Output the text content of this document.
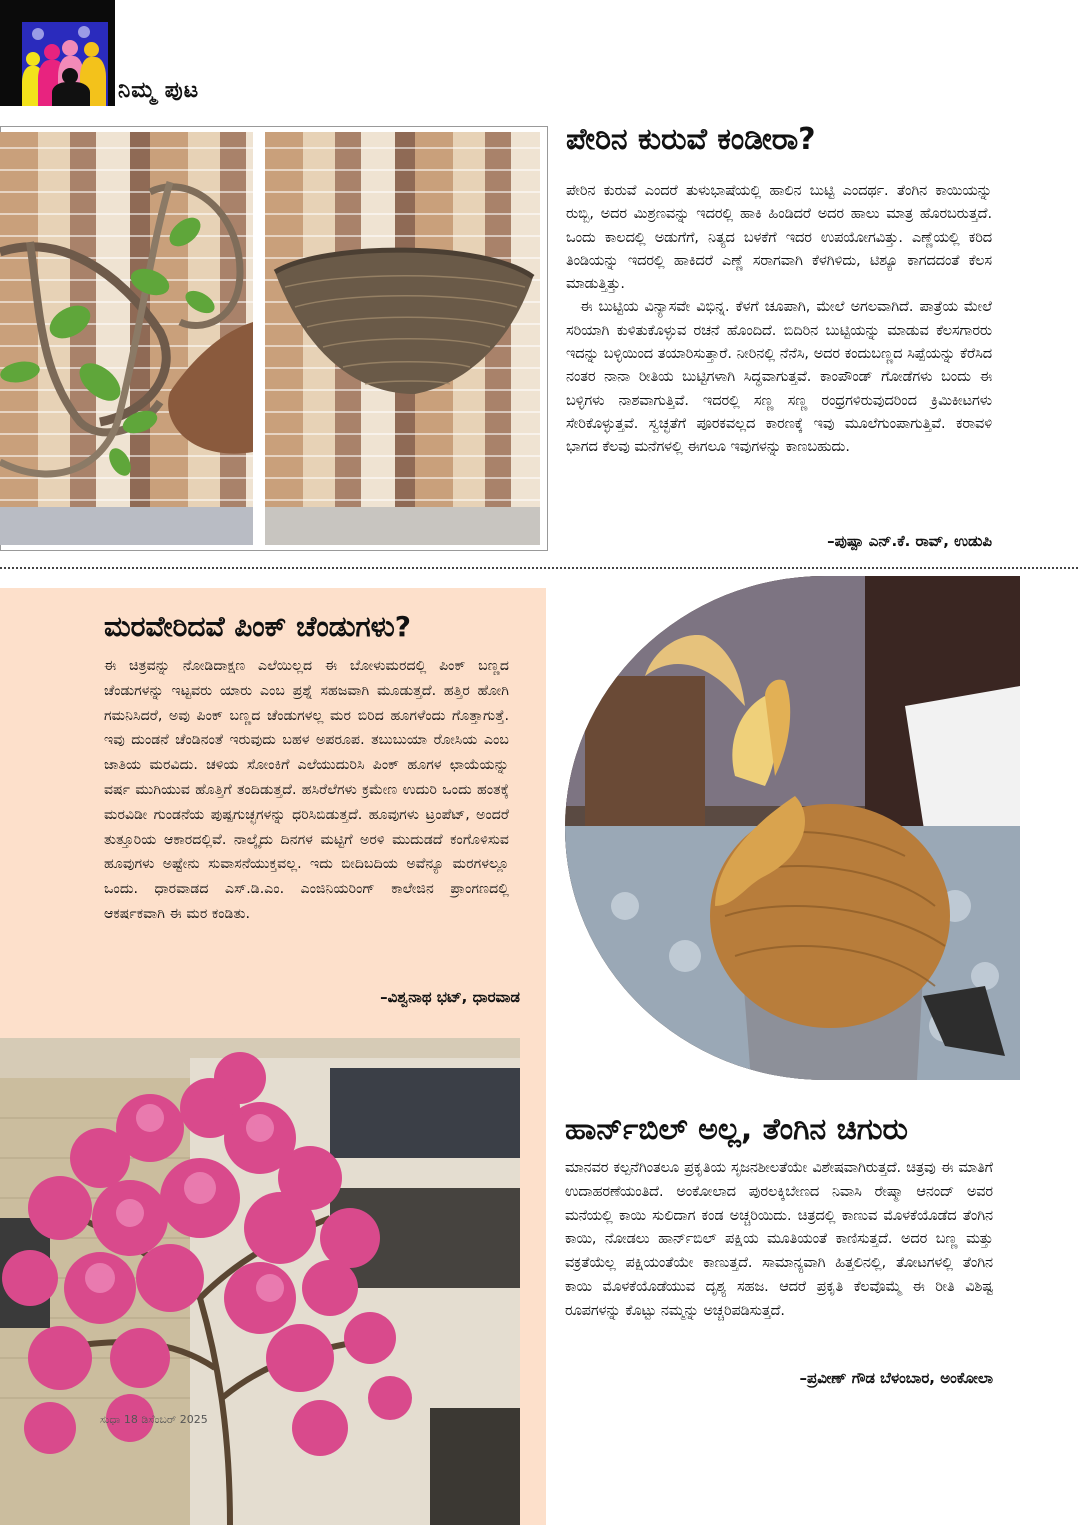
ನಿಮ್ಮ ಪುಟ
ಪೇರಿನ ಕುರುವೆ ಕಂಡೀರಾ?

ಪೇರಿನ ಕುರುವೆ ಎಂದರೆ ತುಳುಭಾಷೆಯಲ್ಲಿ ಹಾಲಿನ ಬುಟ್ಟಿ ಎಂದರ್ಥ. ತೆಂಗಿನ ಕಾಯಿಯನ್ನು ರುಬ್ಬಿ, ಅದರ ಮಿಶ್ರಣವನ್ನು ಇದರಲ್ಲಿ ಹಾಕಿ ಹಿಂಡಿದರೆ ಅದರ ಹಾಲು ಮಾತ್ರ ಹೊರಬರುತ್ತದೆ. ಒಂದು ಕಾಲದಲ್ಲಿ ಅಡುಗೆಗೆ, ನಿತ್ಯದ ಬಳಕೆಗೆ ಇದರ ಉಪಯೋಗವಿತ್ತು. ಎಣ್ಣೆಯಲ್ಲಿ ಕರಿದ ತಿಂಡಿಯನ್ನು ಇದರಲ್ಲಿ ಹಾಕಿದರೆ ಎಣ್ಣೆ ಸರಾಗವಾಗಿ ಕೆಳಗಿಳಿದು, ಟಿಶ್ಯೂ ಕಾಗದದಂತೆ ಕೆಲಸ ಮಾಡುತ್ತಿತ್ತು.

ಈ ಬುಟ್ಟಿಯ ವಿನ್ಯಾಸವೇ ವಿಭಿನ್ನ. ಕೆಳಗೆ ಚೂಪಾಗಿ, ಮೇಲೆ ಅಗಲವಾಗಿದೆ. ಪಾತ್ರೆಯ ಮೇಲೆ ಸರಿಯಾಗಿ ಕುಳಿತುಕೊಳ್ಳುವ ರಚನೆ ಹೊಂದಿದೆ. ಬಿದಿರಿನ ಬುಟ್ಟಿಯನ್ನು ಮಾಡುವ ಕೆಲಸಗಾರರು ಇದನ್ನು ಬಳ್ಳಿಯಿಂದ ತಯಾರಿಸುತ್ತಾರೆ. ನೀರಿನಲ್ಲಿ ನೆನೆಸಿ, ಅದರ ಕಂದುಬಣ್ಣದ ಸಿಪ್ಪೆಯನ್ನು ಕೆರೆಸಿದ ನಂತರ ನಾನಾ ರೀತಿಯ ಬುಟ್ಟಿಗಳಾಗಿ ಸಿದ್ಧವಾಗುತ್ತವೆ. ಕಾಂಪೌಂಡ್ ಗೋಡೆಗಳು ಬಂದು ಈ ಬಳ್ಳಿಗಳು ನಾಶವಾಗುತ್ತಿವೆ. ಇದರಲ್ಲಿ ಸಣ್ಣ ಸಣ್ಣ ರಂಧ್ರಗಳಿರುವುದರಿಂದ ಕ್ರಿಮಿಕೀಟಗಳು ಸೇರಿಕೊಳ್ಳುತ್ತವೆ. ಸ್ವಚ್ಛತೆಗೆ ಪೂರಕವಲ್ಲದ ಕಾರಣಕ್ಕೆ ಇವು ಮೂಲೆಗುಂಪಾಗುತ್ತಿವೆ. ಕರಾವಳಿ ಭಾಗದ ಕೆಲವು ಮನೆಗಳಲ್ಲಿ ಈಗಲೂ ಇವುಗಳನ್ನು ಕಾಣಬಹುದು.

–ಪುಷ್ಪಾ ಎನ್.ಕೆ. ರಾವ್, ಉಡುಪಿ
ಮರವೇರಿದವೆ ಪಿಂಕ್ ಚೆಂಡುಗಳು?

ಈ ಚಿತ್ರವನ್ನು ನೋಡಿದಾಕ್ಷಣ ಎಲೆಯಿಲ್ಲದ ಈ ಬೋಳುಮರದಲ್ಲಿ ಪಿಂಕ್ ಬಣ್ಣದ ಚೆಂಡುಗಳನ್ನು ಇಟ್ಟವರು ಯಾರು ಎಂಬ ಪ್ರಶ್ನೆ ಸಹಜವಾಗಿ ಮೂಡುತ್ತದೆ. ಹತ್ತಿರ ಹೋಗಿ ಗಮನಿಸಿದರೆ, ಅವು ಪಿಂಕ್ ಬಣ್ಣದ ಚೆಂಡುಗಳಲ್ಲ ಮರ ಬಿರಿದ ಹೂಗಳೆಂದು ಗೊತ್ತಾಗುತ್ತೆ. ಇವು ದುಂಡನೆ ಚೆಂಡಿನಂತೆ ಇರುವುದು ಬಹಳ ಅಪರೂಪ. ತಬುಬುಯಾ ರೋಸಿಯ ಎಂಬ ಜಾತಿಯ ಮರವಿದು. ಚಳಿಯ ಸೋಂಕಿಗೆ ಎಲೆಯುದುರಿಸಿ ಪಿಂಕ್ ಹೂಗಳ ಛಾಯೆಯನ್ನು ವರ್ಷ ಮುಗಿಯುವ ಹೊತ್ತಿಗೆ ತಂದಿಡುತ್ತದೆ. ಹಸಿರೆಲೆಗಳು ಕ್ರಮೇಣ ಉದುರಿ ಒಂದು ಹಂತಕ್ಕೆ ಮರವಿಡೀ ಗುಂಡನೆಯ ಪುಷ್ಪಗುಚ್ಛಗಳನ್ನು ಧರಿಸಿಬಿಡುತ್ತದೆ. ಹೂವುಗಳು ಟ್ರಂಪೆಟ್, ಅಂದರೆ ತುತ್ತೂರಿಯ ಆಕಾರದಲ್ಲಿವೆ. ನಾಲ್ಕೈದು ದಿನಗಳ ಮಟ್ಟಿಗೆ ಅರಳಿ ಮುದುಡದೆ ಕಂಗೊಳಿಸುವ ಹೂವುಗಳು ಅಷ್ಟೇನು ಸುವಾಸನೆಯುಕ್ತವಲ್ಲ. ಇದು ಬೀದಿಬದಿಯ ಅವೆನ್ಯೂ ಮರಗಳಲ್ಲೂ ಒಂದು. ಧಾರವಾಡದ ಎಸ್.ಡಿ.ಎಂ. ಎಂಜಿನಿಯರಿಂಗ್ ಕಾಲೇಜಿನ ಪ್ರಾಂಗಣದಲ್ಲಿ ಆಕರ್ಷಕವಾಗಿ ಈ ಮರ ಕಂಡಿತು.

–ವಿಶ್ವನಾಥ ಭಟ್, ಧಾರವಾಡ
ಸುಧಾ 18 ಡಿಸೆಂಬರ್ 2025
ಹಾರ್ನ್‌ಬಿಲ್ ಅಲ್ಲ, ತೆಂಗಿನ ಚಿಗುರು

ಮಾನವರ ಕಲ್ಪನೆಗಿಂತಲೂ ಪ್ರಕೃತಿಯ ಸೃಜನಶೀಲತೆಯೇ ವಿಶೇಷವಾಗಿರುತ್ತದೆ. ಚಿತ್ರವು ಈ ಮಾತಿಗೆ ಉದಾಹರಣೆಯಂತಿದೆ. ಅಂಕೋಲಾದ ಪುರಲಕ್ಕಿಬೇಣದ ನಿವಾಸಿ ರೇಷ್ಮಾ ಆನಂದ್ ಅವರ ಮನೆಯಲ್ಲಿ ಕಾಯಿ ಸುಲಿದಾಗ ಕಂಡ ಅಚ್ಚರಿಯಿದು. ಚಿತ್ರದಲ್ಲಿ ಕಾಣುವ ಮೊಳಕೆಯೊಡೆದ ತೆಂಗಿನ ಕಾಯಿ, ನೋಡಲು ಹಾರ್ನ್‌ಬಿಲ್ ಪಕ್ಷಿಯ ಮೂತಿಯಂತೆ ಕಾಣಿಸುತ್ತದೆ. ಅದರ ಬಣ್ಣ ಮತ್ತು ವಕ್ರತೆಯೆಲ್ಲ ಪಕ್ಷಿಯಂತೆಯೇ ಕಾಣುತ್ತದೆ. ಸಾಮಾನ್ಯವಾಗಿ ಹಿತ್ತಲಿನಲ್ಲಿ, ತೋಟಗಳಲ್ಲಿ ತೆಂಗಿನ ಕಾಯಿ ಮೊಳಕೆಯೊಡೆಯುವ ದೃಶ್ಯ ಸಹಜ. ಆದರೆ ಪ್ರಕೃತಿ ಕೆಲವೊಮ್ಮೆ ಈ ರೀತಿ ವಿಶಿಷ್ಟ ರೂಪಗಳನ್ನು ಕೊಟ್ಟು ನಮ್ಮನ್ನು ಅಚ್ಚರಿಪಡಿಸುತ್ತದೆ.

–ಪ್ರವೀಣ್ ಗೌಡ ಬೆಳಂಬಾರ, ಅಂಕೋಲಾ
